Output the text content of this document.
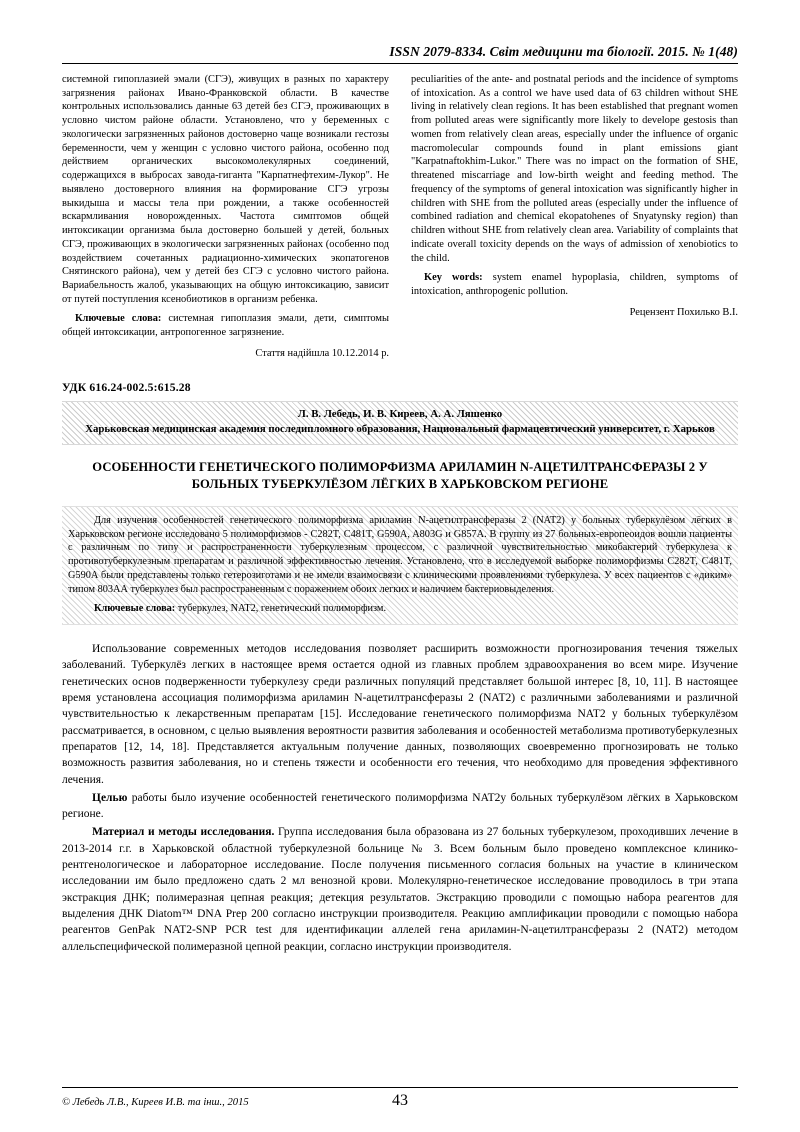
ISSN 2079-8334. Світ медицини та біології. 2015. № 1(48)

системной гипоплазией эмали (СГЭ), живущих в разных по характеру загрязнения районах Ивано-Франковской области. В качестве контрольных использовались данные 63 детей без СГЭ, проживающих в условно чистом районе области. Установлено, что у беременных с экологически загрязненных районов достоверно чаще возникали гестозы беременности, чем у женщин с условно чистого района, особенно под действием органических высокомолекулярных соединений, содержащихся в выбросах завода-гиганта "Карпатнефтехим-Лукор". Не выявлено достоверного влияния на формирование СГЭ угрозы выкидыша и массы тела при рождении, а также особенностей вскармливания новорожденных. Частота симптомов общей интоксикации организма была достоверно большей у детей, больных СГЭ, проживающих в экологически загрязненных районах (особенно под воздействием сочетанных радиационно-химических экопатогенов Снятинского района), чем у детей без СГЭ с условно чистого района. Вариабельность жалоб, указывающих на общую интоксикацию, зависит от путей поступления ксенобиотиков в организм ребенка.

Ключевые слова: системная гипоплазия эмали, дети, симптомы общей интоксикации, антропогенное загрязнение.

Стаття надійшла 10.12.2014 р.

peculiarities of the ante- and postnatal periods and the incidence of symptoms of intoxication. As a control we have used data of 63 children without SHE living in relatively clean regions. It has been established that pregnant women from polluted areas were significantly more likely to develope gestosis than women from relatively clean areas, especially under the influence of organic macromolecular compounds found in plant emissions giant "Karpatnaftokhim-Lukor." There was no impact on the formation of SHE, threatened miscarriage and low-birth weight and feeding method. The frequency of the symptoms of general intoxication was significantly higher in children with SHE from the polluted areas (especially under the influence of combined radiation and chemical ekopatohenes of Snyatynsky region) than children without SHE from relatively clean area. Variability of complaints that indicate overall toxicity depends on the ways of admission of xenobiotics to the child.

Key words: system enamel hypoplasia, children, symptoms of intoxication, anthropogenic pollution.

Рецензент Похилько В.І.
УДК 616.24-002.5:615.28
Л. В. Лебедь, И. В. Киреев, А. А. Ляшенко
Харьковская медицинская академия последипломного образования, Национальный фармацевтический университет, г. Харьков
ОСОБЕННОСТИ ГЕНЕТИЧЕСКОГО ПОЛИМОРФИЗМА АРИЛАМИН N-АЦЕТИЛТРАНСФЕРАЗЫ 2 У БОЛЬНЫХ ТУБЕРКУЛЁЗОМ ЛЁГКИХ В ХАРЬКОВСКОМ РЕГИОНЕ

Для изучения особенностей генетического полиморфизма ариламин N-ацетилтрансферазы 2 (NAT2) у больных туберкулёзом лёгких в Харьковском регионе исследовано 5 полиморфизмов - C282T, C481T, G590A, A803G и G857A. В группу из 27 больных-европеоидов вошли пациенты с различным по типу и распространенности туберкулезным процессом, с различной чувствительностью микобактерий туберкулеза к противотуберкулезным препаратам и различной эффективностью лечения. Установлено, что в исследуемой выборке полиморфизмы C282T, C481T, G590A были представлены только гетерозиготами и не имели взаимосвязи с клиническими проявлениями туберкулеза. У всех пациентов с «диким» типом 803АА туберкулез был распространенным с поражением обоих легких и наличием бактериовыделения.

Ключевые слова: туберкулез, NAT2, генетический полиморфизм.

Использование современных методов исследования позволяет расширить возможности прогнозирования течения тяжелых заболеваний. Туберкулёз легких в настоящее время остается одной из главных проблем здравоохранения во всем мире. Изучение генетических основ подверженности туберкулезу среди различных популяций представляет большой интерес [8, 10, 11]. В настоящее время установлена ассоциация полиморфизма ариламин N-ацетилтрансферазы 2 (NAT2) с различными заболеваниями и различной чувствительностью к лекарственным препаратам [15]. Исследование генетического полиморфизма NAT2 у больных туберкулёзом рассматривается, в основном, с целью выявления вероятности развития заболевания и особенностей метаболизма противотуберкулезных препаратов [12, 14, 18]. Представляется актуальным получение данных, позволяющих своевременно прогнозировать не только возможность развития заболевания, но и степень тяжести и особенности его течения, что необходимо для проведения эффективного лечения.

Целью работы было изучение особенностей генетического полиморфизма NAT2у больных туберкулёзом лёгких в Харьковском регионе.

Материал и методы исследования. Группа исследования была образована из 27 больных туберкулезом, проходивших лечение в 2013-2014 г.г. в Харьковской областной туберкулезной больнице № 3. Всем больным было проведено комплексное клинико-рентгенологическое и лабораторное исследование. После получения письменного согласия больных на участие в клиническом исследовании им было предложено сдать 2 мл венозной крови. Молекулярно-генетическое исследование проводилось в три этапа экстракция ДНК; полимеразная цепная реакция; детекция результатов. Экстракцию проводили с помощью набора реагентов для выделения ДНК Diatom™ DNA Prep 200 согласно инструкции производителя. Реакцию амплификации проводили с помощью набора реагентов GenPak NAT2-SNP PCR test для идентификации аллелей гена ариламин-N-ацетилтрансферазы 2 (NAT2) методом аллельспецифической полимеразной цепной реакции, согласно инструкции производителя.

© Лебедь Л.В., Киреев И.В. та інш., 2015	43
